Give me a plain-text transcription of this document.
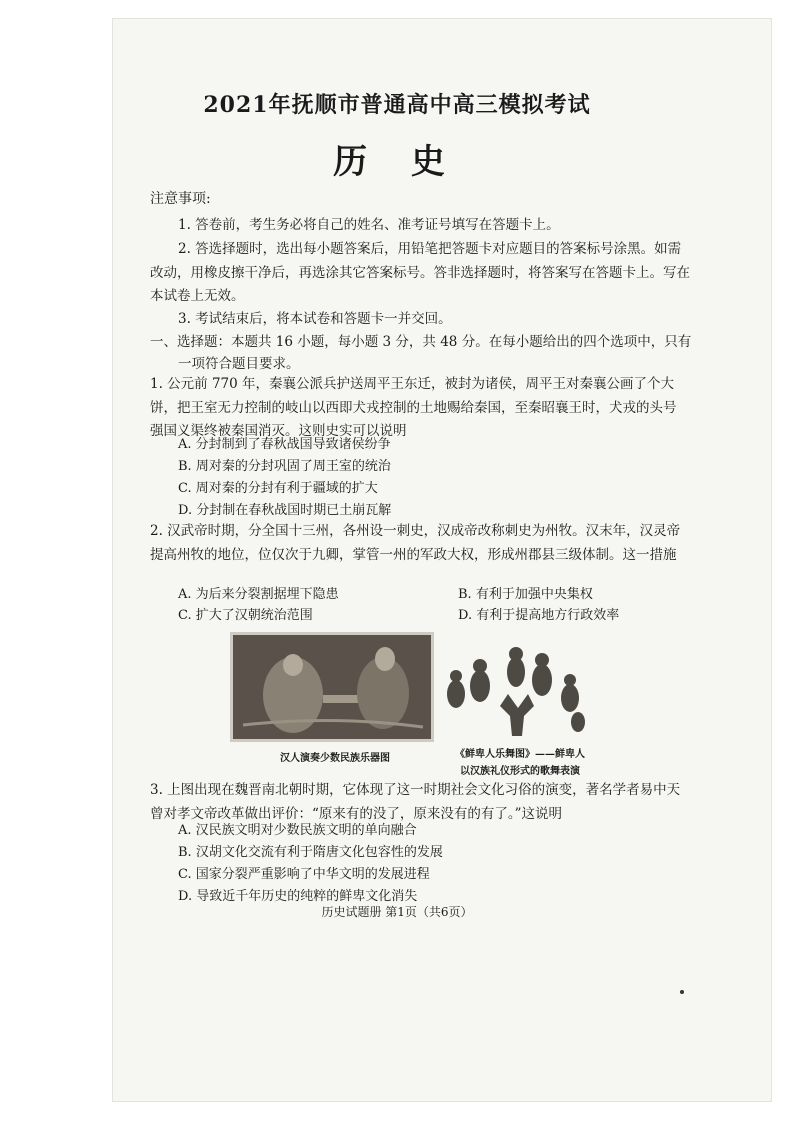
2021年抚顺市普通高中高三模拟考试
历 史
注意事项:
1. 答卷前，考生务必将自己的姓名、准考证号填写在答题卡上。
2. 答选择题时，选出每小题答案后，用铅笔把答题卡对应题目的答案标号涂黑。如需改动，用橡皮擦干净后，再选涂其它答案标号。答非选择题时，将答案写在答题卡上。写在本试卷上无效。
3. 考试结束后，将本试卷和答题卡一并交回。
一、选择题：本题共 16 小题，每小题 3 分，共 48 分。在每小题给出的四个选项中，只有
一项符合题目要求。
1. 公元前 770 年，秦襄公派兵护送周平王东迁，被封为诸侯，周平王对秦襄公画了个大饼，把王室无力控制的岐山以西即犬戎控制的土地赐给秦国，至秦昭襄王时，犬戎的头号强国义渠终被秦国消灭。这则史实可以说明
A. 分封制到了春秋战国导致诸侯纷争
B. 周对秦的分封巩固了周王室的统治
C. 周对秦的分封有利于疆域的扩大
D. 分封制在春秋战国时期已土崩瓦解
2. 汉武帝时期，分全国十三州，各州设一刺史，汉成帝改称刺史为州牧。汉末年，汉灵帝提高州牧的地位，位仅次于九卿，掌管一州的军政大权，形成州郡县三级体制。这一措施
A. 为后来分裂割据埋下隐患	B. 有利于加强中央集权
C. 扩大了汉朝统治范围	D. 有利于提高地方行政效率
汉人演奏少数民族乐器图	《鲜卑人乐舞图》——鲜卑人
以汉族礼仪形式的歌舞表演
3. 上图出现在魏晋南北朝时期，它体现了这一时期社会文化习俗的演变，著名学者易中天曾对孝文帝改革做出评价：“原来有的没了，原来没有的有了。”这说明
A. 汉民族文明对少数民族文明的单向融合
B. 汉胡文化交流有利于隋唐文化包容性的发展
C. 国家分裂严重影响了中华文明的发展进程
D. 导致近千年历史的纯粹的鲜卑文化消失
历史试题册 第1页（共6页）
